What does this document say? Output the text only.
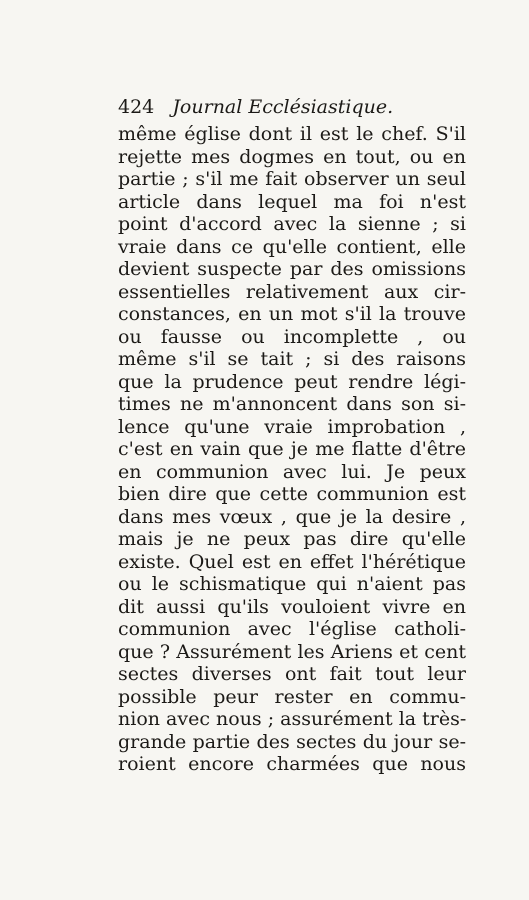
424 Journal Ecclésiastique.
même église dont il est le chef. S'il
rejette mes dogmes en tout, ou en
partie ; s'il me fait observer un seul
article dans lequel ma foi n'est
point d'accord avec la sienne ; si
vraie dans ce qu'elle contient, elle
devient suspecte par des omissions
essentielles relativement aux cir-
constances, en un mot s'il la trouve
ou fausse ou incomplette , ou
même s'il se tait ; si des raisons
que la prudence peut rendre légi-
times ne m'annoncent dans son si-
lence qu'une vraie improbation ,
c'est en vain que je me flatte d'être
en communion avec lui. Je peux
bien dire que cette communion est
dans mes vœux , que je la desire ,
mais je ne peux pas dire qu'elle
existe. Quel est en effet l'hérétique
ou le schismatique qui n'aient pas
dit aussi qu'ils vouloient vivre en
communion avec l'église catholi-
que ? Assurément les Ariens et cent
sectes diverses ont fait tout leur
possible peur rester en commu-
nion avec nous ; assurément la très-
grande partie des sectes du jour se-
roient encore charmées que nous
